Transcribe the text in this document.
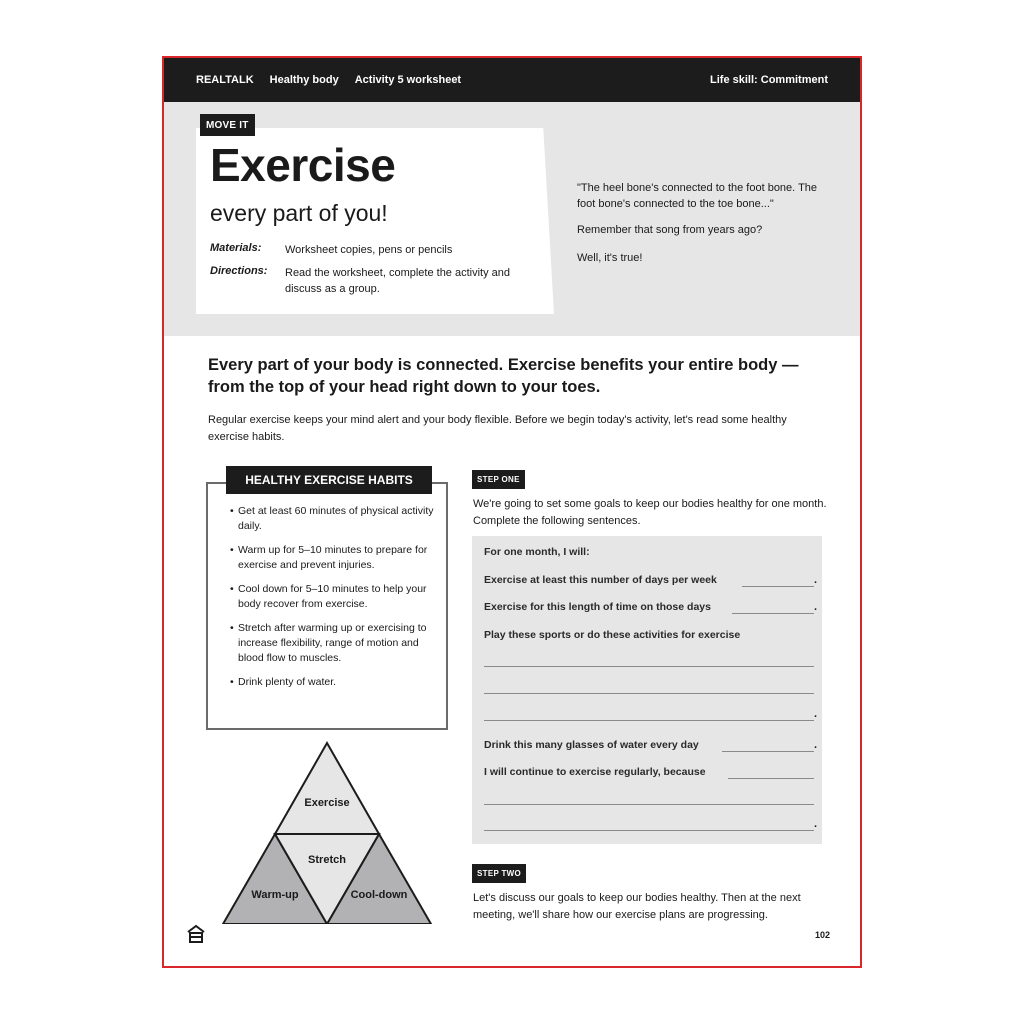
REALTALK Healthy body Activity 5 worksheet	Life skill: Commitment
MOVE IT
Exercise
every part of you!
Materials: Worksheet copies, pens or pencils
Directions: Read the worksheet, complete the activity and discuss as a group.
"The heel bone's connected to the foot bone. The foot bone's connected to the toe bone..."
Remember that song from years ago?
Well, it's true!
Every part of your body is connected. Exercise benefits your entire body — from the top of your head right down to your toes.
Regular exercise keeps your mind alert and your body flexible. Before we begin today's activity, let's read some healthy exercise habits.
HEALTHY EXERCISE HABITS
• Get at least 60 minutes of physical activity daily.
• Warm up for 5–10 minutes to prepare for exercise and prevent injuries.
• Cool down for 5–10 minutes to help your body recover from exercise.
• Stretch after warming up or exercising to increase flexibility, range of motion and blood flow to muscles.
• Drink plenty of water.
Exercise
Stretch
Warm-up	Cool-down
STEP ONE
We're going to set some goals to keep our bodies healthy for one month. Complete the following sentences.
For one month, I will:
Exercise at least this number of days per week	.
Exercise for this length of time on those days	.
Play these sports or do these activities for exercise
.
Drink this many glasses of water every day	.
I will continue to exercise regularly, because
.
STEP TWO
Let's discuss our goals to keep our bodies healthy. Then at the next meeting, we'll share how our exercise plans are progressing.
102
